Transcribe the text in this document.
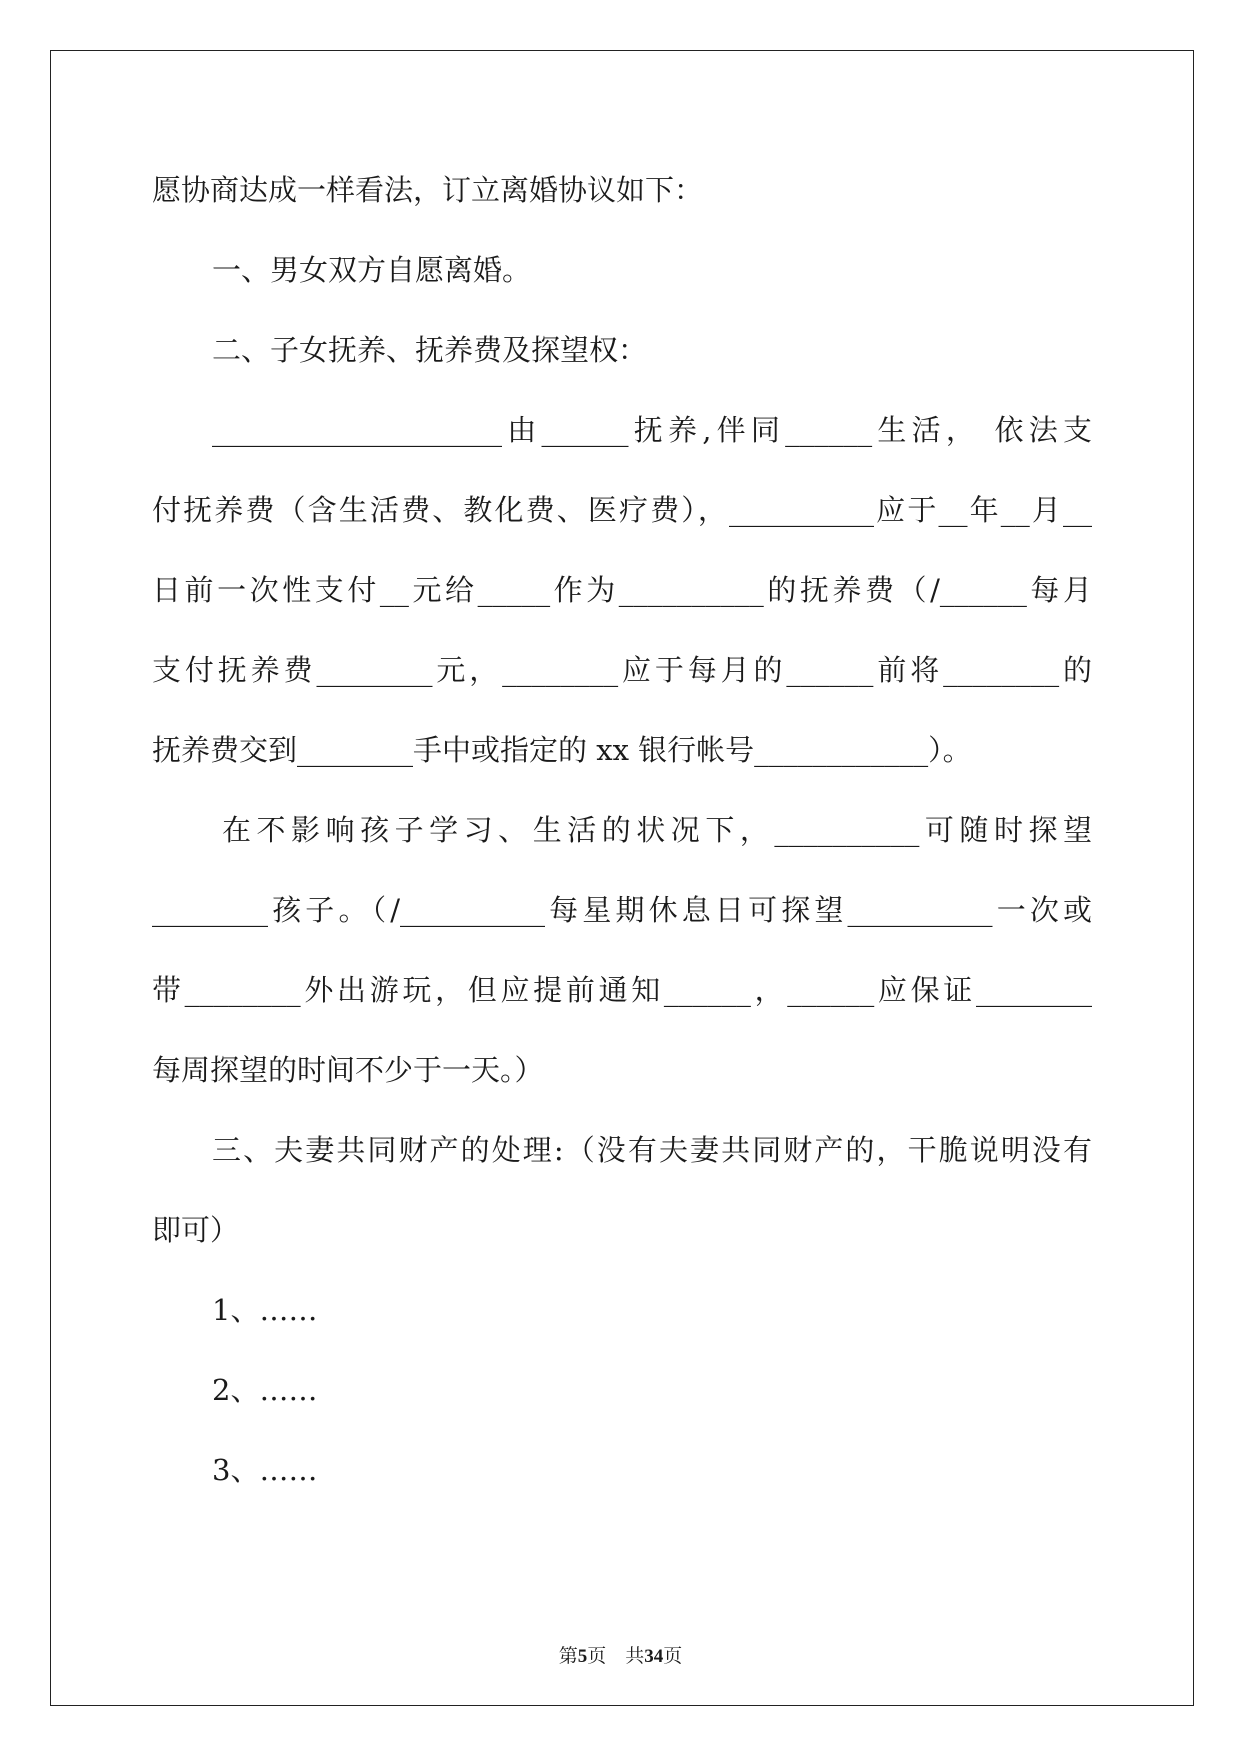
愿协商达成一样看法，订立离婚协议如下：
一、男女双方自愿离婚。
二、子女抚养、抚养费及探望权：
____________________由______抚养,伴同______生活， 依法支
付抚养费（含生活费、教化费、医疗费），__________应于__年__月__
日前一次性支付__元给_____作为__________的抚养费（/______每月
支付抚养费________元，________应于每月的______前将________的
抚养费交到________手中或指定的 xx 银行帐号____________）。
在不影响孩子学习、生活的状况下，__________可随时探望
________孩子。（/__________每星期休息日可探望__________一次或
带________外出游玩，但应提前通知______，______应保证________
每周探望的时间不少于一天。）
三、夫妻共同财产的处理:（没有夫妻共同财产的，干脆说明没有
即可）
1、……
2、……
3、……
第5页　共34页
